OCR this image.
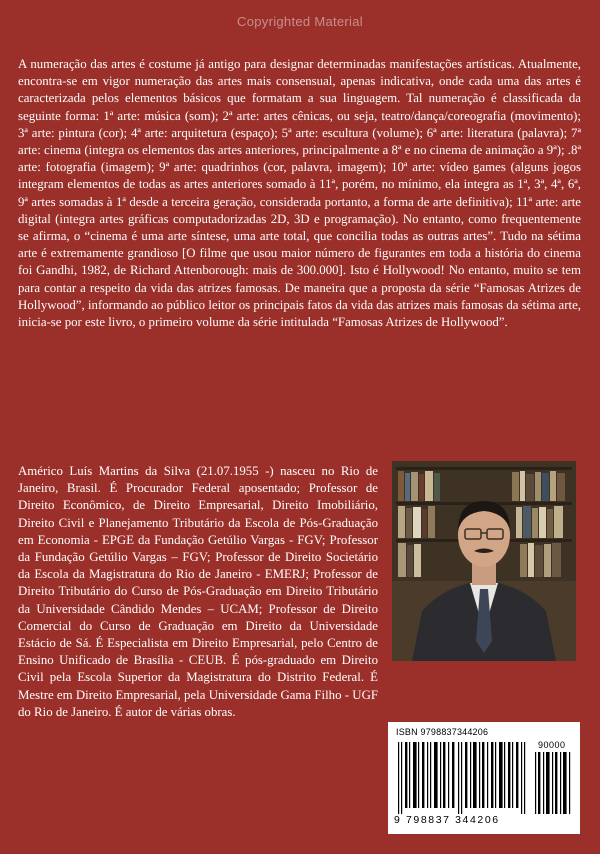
Copyrighted Material

A numeração das artes é costume já antigo para designar determinadas manifestações artísticas. Atualmente, encontra-se em vigor numeração das artes mais consensual, apenas indicativa, onde cada uma das artes é caracterizada pelos elementos básicos que formatam a sua linguagem. Tal numeração é classificada da seguinte forma: 1ª arte: música (som); 2ª arte: artes cênicas, ou seja, teatro/dança/coreografia (movimento); 3ª arte: pintura (cor); 4ª arte: arquitetura (espaço); 5ª arte: escultura (volume); 6ª arte: literatura (palavra); 7ª arte: cinema (integra os elementos das artes anteriores, principalmente a 8ª e no cinema de animação a 9ª); .8ª arte: fotografia (imagem); 9ª arte: quadrinhos (cor, palavra, imagem); 10ª arte: vídeo games (alguns jogos integram elementos de todas as artes anteriores somado à 11ª, porém, no mínimo, ela integra as 1ª, 3ª, 4ª, 6ª, 9ª artes somadas à 1ª desde a terceira geração, considerada portanto, a forma de arte definitiva); 11ª arte: arte digital (integra artes gráficas computadorizadas 2D, 3D e programação). No entanto, como frequentemente se afirma, o “cinema é uma arte síntese, uma arte total, que concilia todas as outras artes”. Tudo na sétima arte é extremamente grandioso [O filme que usou maior número de figurantes em toda a história do cinema foi Gandhi, 1982, de Richard Attenborough: mais de 300.000]. Isto é Hollywood! No entanto, muito se tem para contar a respeito da vida das atrizes famosas. De maneira que a proposta da série “Famosas Atrizes de Hollywood”, informando ao público leitor os principais fatos da vida das atrizes mais famosas da sétima arte, inicia-se por este livro, o primeiro volume da série intitulada “Famosas Atrizes de Hollywood”.

Américo Luís Martins da Silva (21.07.1955 -) nasceu no Rio de Janeiro, Brasil. É Procurador Federal aposentado; Professor de Direito Econômico, de Direito Empresarial, Direito Imobiliário, Direito Civil e Planejamento Tributário da Escola de Pós-Graduação em Economia - EPGE da Fundação Getúlio Vargas - FGV; Professor da Fundação Getúlio Vargas – FGV; Professor de Direito Societário da Escola da Magistratura do Rio de Janeiro - EMERJ; Professor de Direito Tributário do Curso de Pós-Graduação em Direito Tributário da Universidade Cândido Mendes – UCAM; Professor de Direito Comercial do Curso de Graduação em Direito da Universidade Estácio de Sá. É Especialista em Direito Empresarial, pelo Centro de Ensino Unificado de Brasília - CEUB. É pós-graduado em Direito Civil pela Escola Superior da Magistratura do Distrito Federal. É Mestre em Direito Empresarial, pela Universidade Gama Filho - UGF do Rio de Janeiro. É autor de várias obras.

ISBN 9798837344206
90000
9 798837 344206
